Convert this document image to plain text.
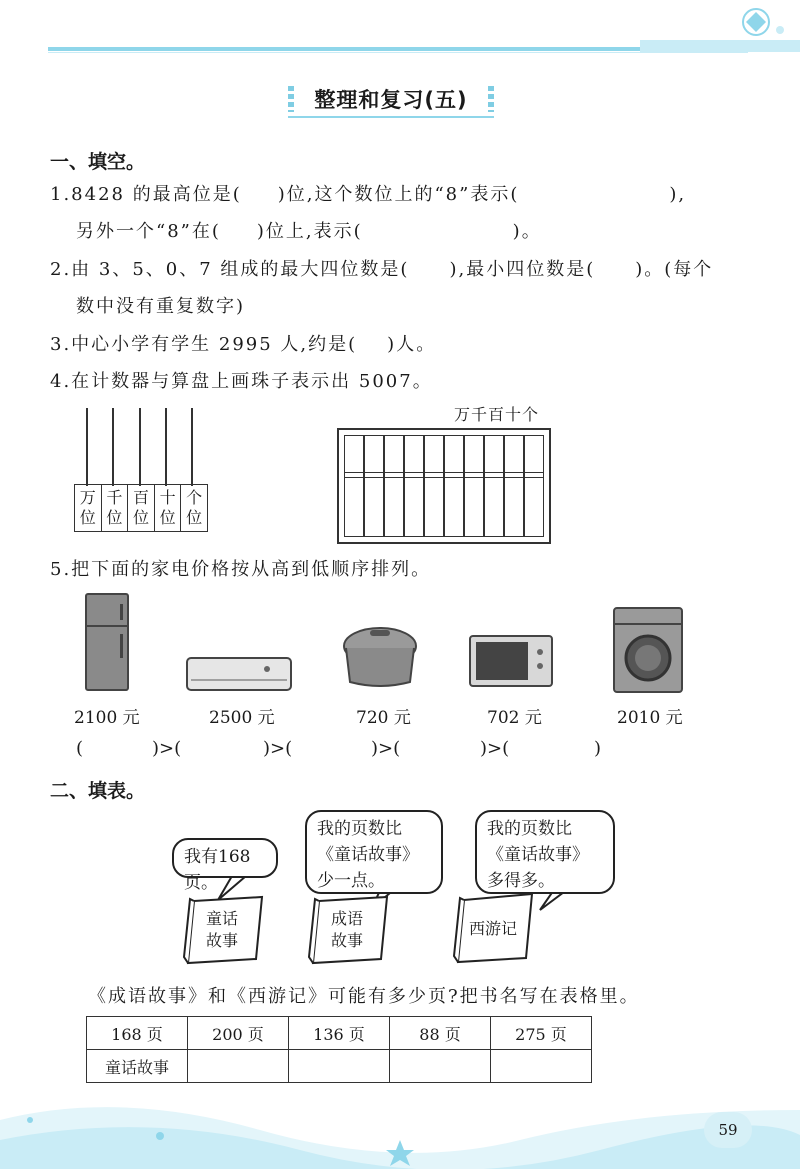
整理和复习(五)
一、填空。
1.8428 的最高位是( )位,这个数位上的“8”表示(	),
另外一个“8”在( )位上,表示(	)。
2.由 3、5、0、7 组成的最大四位数是( ),最小四位数是( )。(每个
数中没有重复数字)
3.中心小学有学生 2995 人,约是( )人。
4.在计数器与算盘上画珠子表示出 5007。
万
位
千
位
百
位
十
位
个
位
万千百十个
5.把下面的家电价格按从高到低顺序排列。
2100 元	2500 元	720 元	702 元	2010 元
(	)>(	)>(	)>(	)>(	)
二、填表。
我有168页。
我的页数比
《童话故事》
少一点。
我的页数比
《童话故事》
多得多。
童话
故事
成语
故事
西游记
《成语故事》和《西游记》可能有多少页?把书名写在表格里。
168 页	200 页	136 页	88 页	275 页
童话故事				
59
